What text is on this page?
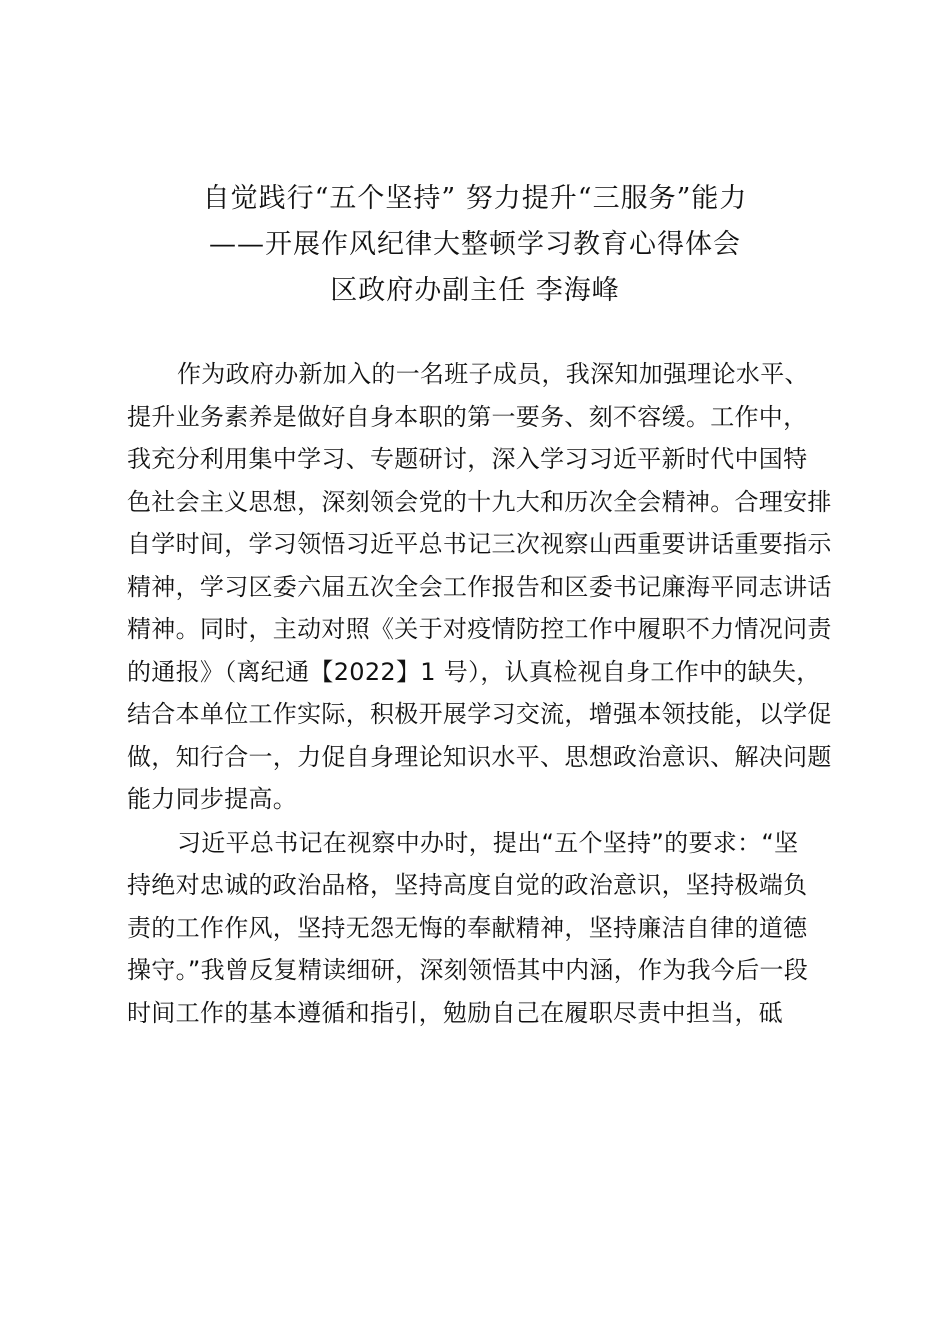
自觉践行“五个坚持” 努力提升“三服务”能力
——开展作风纪律大整顿学习教育心得体会
区政府办副主任 李海峰

作为政府办新加入的一名班子成员，我深知加强理论水平、
提升业务素养是做好自身本职的第一要务、刻不容缓。工作中，
我充分利用集中学习、专题研讨，深入学习习近平新时代中国特
色社会主义思想，深刻领会党的十九大和历次全会精神。合理安排
自学时间，学习领悟习近平总书记三次视察山西重要讲话重要指示
精神，学习区委六届五次全会工作报告和区委书记廉海平同志讲话
精神。同时，主动对照《关于对疫情防控工作中履职不力情况问责
的通报》（离纪通【2022】1 号），认真检视自身工作中的缺失，
结合本单位工作实际，积极开展学习交流，增强本领技能，以学促
做，知行合一，力促自身理论知识水平、思想政治意识、解决问题
能力同步提高。

习近平总书记在视察中办时，提出“五个坚持”的要求：“坚
持绝对忠诚的政治品格，坚持高度自觉的政治意识，坚持极端负
责的工作作风，坚持无怨无悔的奉献精神，坚持廉洁自律的道德
操守。”我曾反复精读细研，深刻领悟其中内涵，作为我今后一段
时间工作的基本遵循和指引，勉励自己在履职尽责中担当，砥
